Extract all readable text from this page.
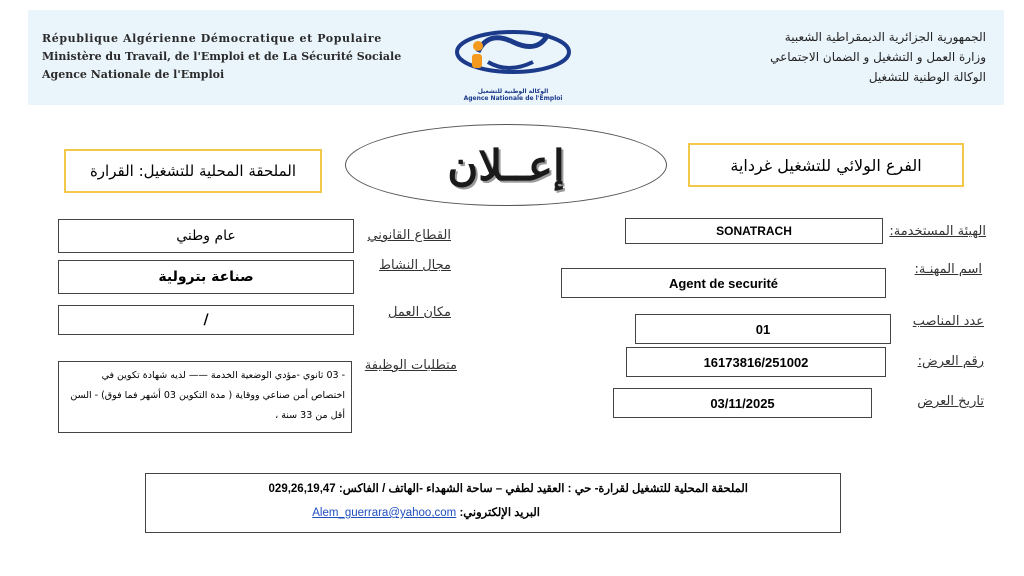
République Algérienne Démocratique et Populaire
Ministère du Travail, de l'Emploi et de La Sécurité Sociale
Agence Nationale de l'Emploi
الجمهورية الجزائرية الديمقراطية الشعبية
وزارة العمل و التشغيل و الضمان الاجتماعي
الوكالة الوطنية للتشغيل
الوكالة الوطنية للتشغيل
Agence Nationale de l'Emploi
الفرع الولائي للتشغيل غرداية
إعــلان
الملحقة المحلية للتشغيل: القرارة
الهيئة المستخدمة:
SONATRACH
اسم المهنـة:
Agent de securité
عدد المناصب
01
رقم العرض:
16173816/251002
تاريخ العرض
03/11/2025
القطاع القانوني
عام وطني
مجال النشاط
صناعة بترولية
مكان العمل
/
متطلبات الوظيفة
- 03 ثانوي -مؤدي الوضعية الخدمة —— لديه شهادة تكوين في اختصاص أمن صناعي ووقاية ( مدة التكوين 03 أشهر فما فوق) - السن أقل من 33 سنة ،
الملحقة المحلية للتشغيل لقرارة- حي : العقيد لطفي – ساحة الشهداء -الهاتف / الفاكس: 029,26,19,47
البريد الإلكتروني: Alem_guerrara@yahoo,com
